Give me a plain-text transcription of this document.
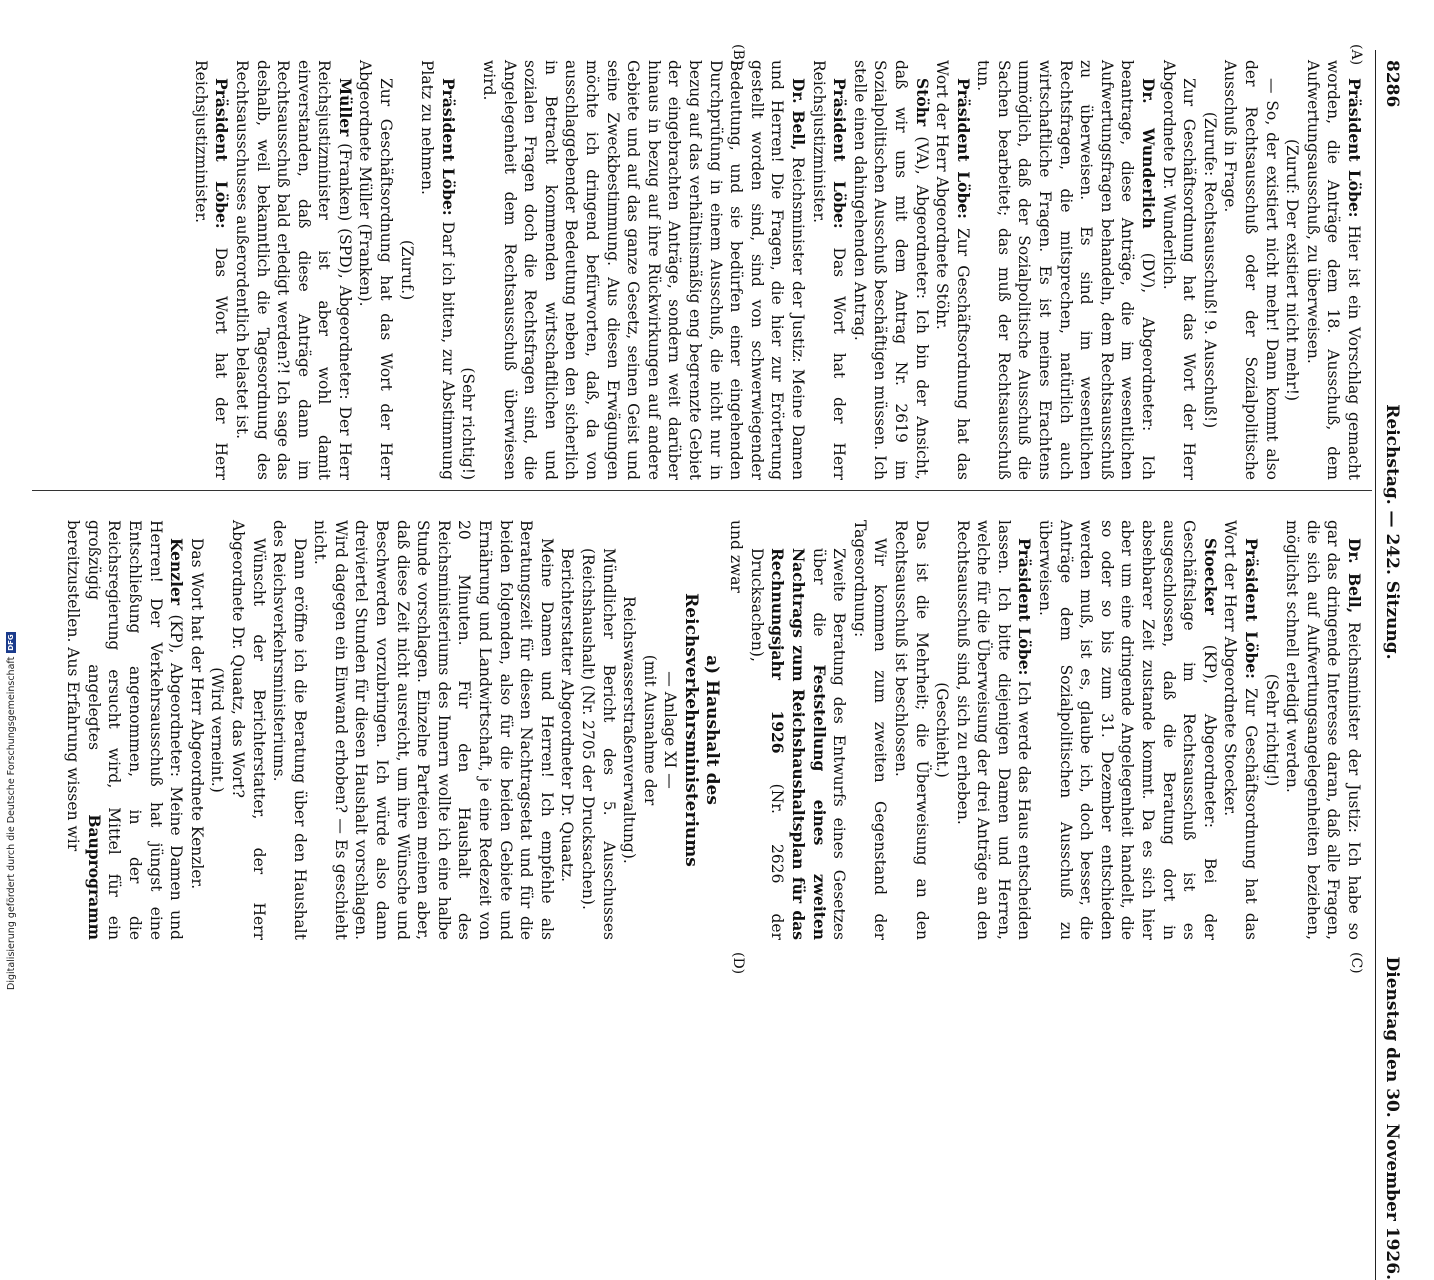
8286
Reichstag. — 242. Sitzung.
Dienstag den 30. November 1926.
(A)
(B)
(C)
(D)

Präsident Löbe: Hier ist ein Vorschlag gemacht worden, die Anträge dem 18. Ausschuß, dem Aufwertungsausschuß, zu überweisen.

(Zuruf: Der existiert nicht mehr!)

— So, der existiert nicht mehr! Dann kommt also der Rechtsausschuß oder der Sozialpolitische Ausschuß in Frage.

(Zurufe: Rechtsausschuß! 9. Ausschuß!)

Zur Geschäftsordnung hat das Wort der Herr Abgeordnete Dr. Wunderlich.

Dr. Wunderlich (DV), Abgeordneter: Ich beantrage, diese Anträge, die im wesentlichen Aufwertungsfragen behandeln, dem Rechtsausschuß zu überweisen. Es sind im wesentlichen Rechtsfragen, die mitsprechen, natürlich auch wirtschaftliche Fragen. Es ist meines Erachtens unmöglich, daß der Sozialpolitische Ausschuß die Sachen bearbeitet; das muß der Rechtsausschuß tun.

Präsident Löbe: Zur Geschäftsordnung hat das Wort der Herr Abgeordnete Stöhr.

Stöhr (VA), Abgeordneter: Ich bin der Ansicht, daß wir uns mit dem Antrag Nr. 2619 im Sozialpolitischen Ausschuß beschäftigen müssen. Ich stelle einen dahingehenden Antrag.

Präsident Löbe: Das Wort hat der Herr Reichsjustizminister.

Dr. Bell, Reichsminister der Justiz: Meine Damen und Herren! Die Fragen, die hier zur Erörterung gestellt worden sind, sind von schwerwiegender Bedeutung, und sie bedürfen einer eingehenden Durchprüfung in einem Ausschuß, die nicht nur in bezug auf das verhältnismäßig eng begrenzte Gebiet der eingebrachten Anträge, sondern weit darüber hinaus in bezug auf ihre Rückwirkungen auf andere Gebiete und auf das ganze Gesetz, seinen Geist und seine Zweckbestimmung. Aus diesen Erwägungen möchte ich dringend befürworten, daß, da von ausschlaggebender Bedeutung neben den sicherlich in Betracht kommenden wirtschaftlichen und sozialen Fragen doch die Rechtsfragen sind, die Angelegenheit dem Rechtsausschuß überwiesen wird.

(Sehr richtig!)

Präsident Löbe: Darf ich bitten, zur Abstimmung Platz zu nehmen.

(Zuruf.)

Zur Geschäftsordnung hat das Wort der Herr Abgeordnete Müller (Franken).

Müller (Franken) (SPD), Abgeordneter: Der Herr Reichsjustizminister ist aber wohl damit einverstanden, daß diese Anträge dann im Rechtsausschuß bald erledigt werden?! Ich sage das deshalb, weil bekanntlich die Tagesordnung des Rechtsausschusses außerordentlich belastet ist.

Präsident Löbe: Das Wort hat der Herr Reichsjustizminister.

Dr. Bell, Reichsminister der Justiz: Ich habe so gar das dringende Interesse daran, daß alle Fragen, die sich auf Aufwertungsangelegenheiten beziehen, möglichst schnell erledigt werden.

(Sehr richtig!)

Präsident Löbe: Zur Geschäftsordnung hat das Wort der Herr Abgeordnete Stoecker.

Stoecker (KP), Abgeordneter: Bei der Geschäftslage im Rechtsausschuß ist es ausgeschlossen, daß die Beratung dort in absehbarer Zeit zustande kommt. Da es sich hier aber um eine dringende Angelegenheit handelt, die so oder so bis zum 31. Dezember entschieden werden muß, ist es, glaube ich, doch besser, die Anträge dem Sozialpolitischen Ausschuß zu überweisen.

Präsident Löbe: Ich werde das Haus entscheiden lassen. Ich bitte diejenigen Damen und Herren, welche für die Überweisung der drei Anträge an den Rechtsausschuß sind, sich zu erheben.

(Geschieht.)

Das ist die Mehrheit; die Überweisung an den Rechtsausschuß ist beschlossen.

Wir kommen zum zweiten Gegenstand der Tagesordnung:

Zweite Beratung des Entwurfs eines Gesetzes über die Feststellung eines zweiten Nachtrags zum Reichshaushaltsplan für das Rechnungsjahr 1926 (Nr. 2626 der Drucksachen),

und zwar

a) Haushalt des Reichsverkehrsministeriums

— Anlage XI —

(mit Ausnahme der Reichswasserstraßenverwaltung).

Mündlicher Bericht des 5. Ausschusses (Reichshaushalt) (Nr. 2705 der Drucksachen).

Berichterstatter Abgeordneter Dr. Quaatz.

Meine Damen und Herren! Ich empfehle als Beratungszeit für diesen Nachtragsetat und für die beiden folgenden, also für die beiden Gebiete und Ernährung und Landwirtschaft, je eine Redezeit von 20 Minuten. Für den Haushalt des Reichsministeriums des Innern wollte ich eine halbe Stunde vorschlagen. Einzelne Parteien meinen aber, daß diese Zeit nicht ausreicht, um ihre Wünsche und Beschwerden vorzubringen. Ich würde also dann dreiviertel Stunden für diesen Haushalt vorschlagen. Wird dagegen ein Einwand erhoben? — Es geschieht nicht.

Dann eröffne ich die Beratung über den Haushalt des Reichsverkehrsministeriums.

Wünscht der Berichterstatter, der Herr Abgeordnete Dr. Quaatz, das Wort?

(Wird verneint.)

Das Wort hat der Herr Abgeordnete Kenzler.

Kenzler (KP), Abgeordneter: Meine Damen und Herren! Der Verkehrsausschuß hat jüngst eine Entschließung angenommen, in der die Reichsregierung ersucht wird, Mittel für ein großzügig angelegtes Bauprogramm bereitzustellen. Aus Erfahrung wissen wir

Digitalisierung gefördert durch die Deutsche Forschungsgemeinschaft
DFG
